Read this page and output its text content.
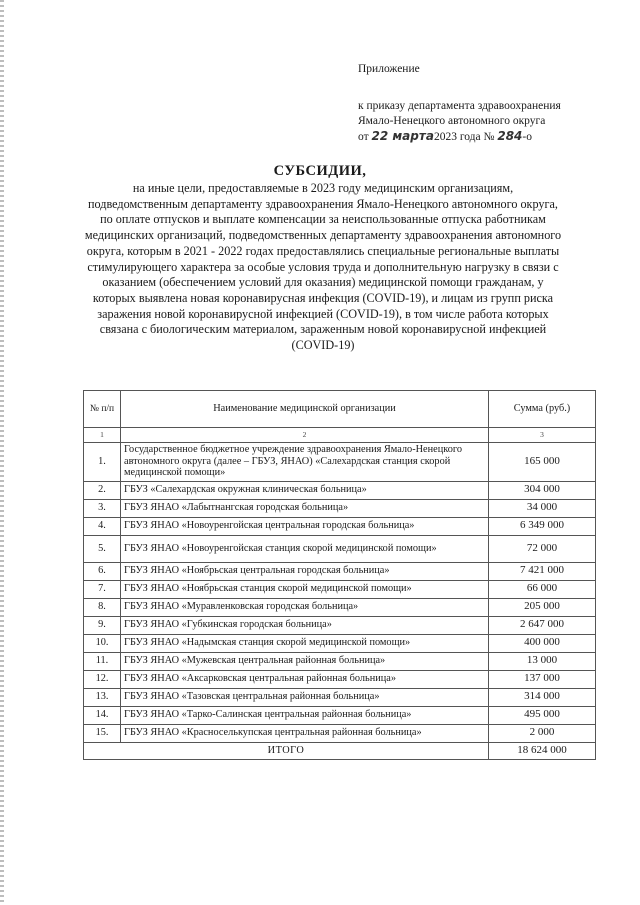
Приложение
к приказу департамента здравоохранения
Ямало-Ненецкого автономного округа
от 22 марта2023 года № 284-о
СУБСИДИИ,
на иные цели, предоставляемые в 2023 году медицинским организациям, подведомственным департаменту здравоохранения Ямало-Ненецкого автономного округа, по оплате отпусков и выплате компенсации за неиспользованные отпуска работникам медицинских организаций, подведомственных департаменту здравоохранения автономного округа, которым в 2021 - 2022 годах предоставлялись специальные региональные выплаты стимулирующего характера за особые условия труда и дополнительную нагрузку в связи с оказанием (обеспечением условий для оказания) медицинской помощи гражданам, у которых выявлена новая коронавирусная инфекция (COVID-19), и лицам из групп риска заражения новой коронавирусной инфекцией (COVID-19), в том числе работа которых связана с биологическим материалом, зараженным новой коронавирусной инфекцией (COVID-19)
№ п/п	Наименование медицинской организации	Сумма (руб.)
1	2	3
1.	Государственное бюджетное учреждение здравоохранения Ямало-Ненецкого автономного округа (далее – ГБУЗ, ЯНАО) «Салехардская станция скорой медицинской помощи»	165 000
2.	ГБУЗ «Салехардская окружная клиническая больница»	304 000
3.	ГБУЗ ЯНАО «Лабытнангская городская больница»	34 000
4.	ГБУЗ ЯНАО «Новоуренгойская центральная городская больница»	6 349 000
5.	ГБУЗ ЯНАО «Новоуренгойская станция скорой медицинской помощи»	72 000
6.	ГБУЗ ЯНАО «Ноябрьская центральная городская больница»	7 421 000
7.	ГБУЗ ЯНАО «Ноябрьская станция скорой медицинской помощи»	66 000
8.	ГБУЗ ЯНАО «Муравленковская городская больница»	205 000
9.	ГБУЗ ЯНАО «Губкинская городская больница»	2 647 000
10.	ГБУЗ ЯНАО «Надымская станция скорой медицинской помощи»	400 000
11.	ГБУЗ ЯНАО «Мужевская центральная районная больница»	13 000
12.	ГБУЗ ЯНАО «Аксарковская центральная районная больница»	137 000
13.	ГБУЗ ЯНАО «Тазовская центральная районная больница»	314 000
14.	ГБУЗ ЯНАО «Тарко-Салинская центральная районная больница»	495 000
15.	ГБУЗ ЯНАО «Красноселькупская центральная районная больница»	2 000
ИТОГО		18 624 000
